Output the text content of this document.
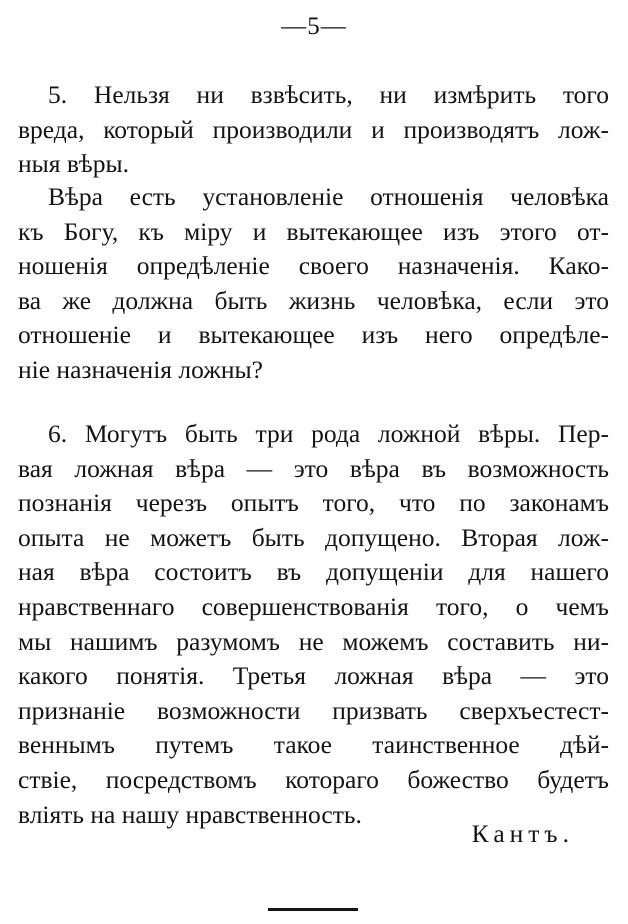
—5—
5. Нельзя ни взвѣсить, ни измѣрить того
вреда, который производили и производятъ лож-
ныя вѣры.
Вѣра есть установленіе отношенія человѣка
къ Богу, къ міру и вытекающее изъ этого от-
ношенія опредѣленіе своего назначенія. Како-
ва же должна быть жизнь человѣка, если это
отношеніе и вытекающее изъ него опредѣле-
ніе назначенія ложны?
6. Могутъ быть три рода ложной вѣры. Пер-
вая ложная вѣра — это вѣра въ возможность
познанія черезъ опытъ того, что по законамъ
опыта не можетъ быть допущено. Вторая лож-
ная вѣра состоитъ въ допущеніи для нашего
нравственнаго совершенствованія того, о чемъ
мы нашимъ разумомъ не можемъ составить ни-
какого понятія. Третья ложная вѣра — это
признаніе возможности призвать сверхъестест-
веннымъ путемъ такое таинственное дѣй-
ствіе, посредствомъ котораго божество будетъ
вліять на нашу нравственность.
Кантъ.
